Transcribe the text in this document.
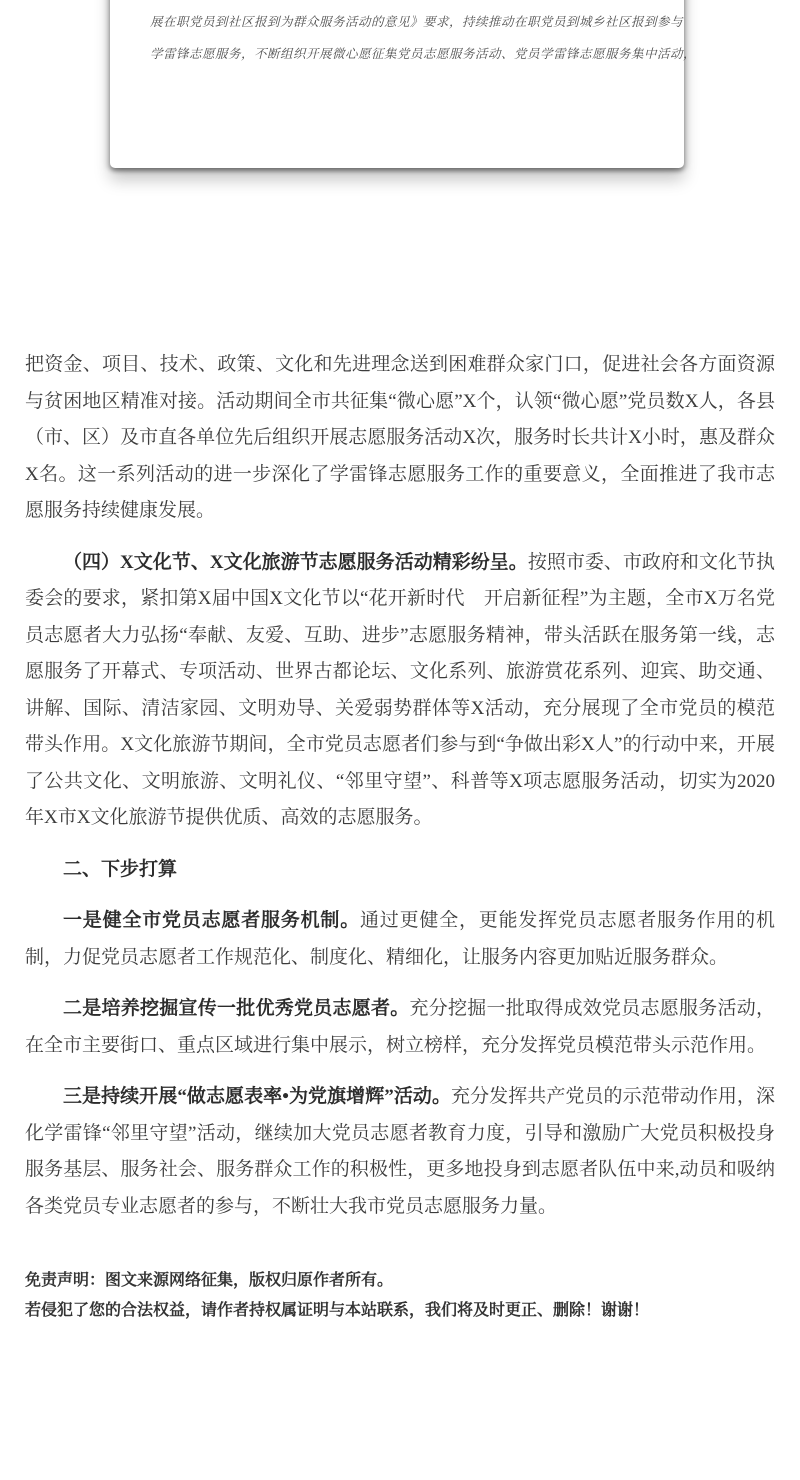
展在职党员到社区报到为群众服务活动的意见》要求，持续推动在职党员到城乡社区报到参与
学雷锋志愿服务，不断组织开展微心愿征集党员志愿服务活动、党员学雷锋志愿服务集中活动，

把资金、项目、技术、政策、文化和先进理念送到困难群众家门口，促进社会各方面资源与贫困地区精准对接。活动期间全市共征集“微心愿”X个，认领“微心愿”党员数X人，各县（市、区）及市直各单位先后组织开展志愿服务活动X次，服务时长共计X小时，惠及群众X名。这一系列活动的进一步深化了学雷锋志愿服务工作的重要意义，全面推进了我市志愿服务持续健康发展。

（四）X文化节、X文化旅游节志愿服务活动精彩纷呈。按照市委、市政府和文化节执委会的要求，紧扣第X届中国X文化节以“花开新时代　开启新征程”为主题，全市X万名党员志愿者大力弘扬“奉献、友爱、互助、进步”志愿服务精神，带头活跃在服务第一线，志愿服务了开幕式、专项活动、世界古都论坛、文化系列、旅游赏花系列、迎宾、助交通、讲解、国际、清洁家园、文明劝导、关爱弱势群体等X活动，充分展现了全市党员的模范带头作用。X文化旅游节期间，全市党员志愿者们参与到“争做出彩X人”的行动中来，开展了公共文化、文明旅游、文明礼仪、“邻里守望”、科普等X项志愿服务活动，切实为2020年X市X文化旅游节提供优质、高效的志愿服务。

二、下步打算

一是健全市党员志愿者服务机制。通过更健全，更能发挥党员志愿者服务作用的机制，力促党员志愿者工作规范化、制度化、精细化，让服务内容更加贴近服务群众。

二是培养挖掘宣传一批优秀党员志愿者。充分挖掘一批取得成效党员志愿服务活动，在全市主要街口、重点区域进行集中展示，树立榜样，充分发挥党员模范带头示范作用。

三是持续开展“做志愿表率•为党旗增辉”活动。充分发挥共产党员的示范带动作用，深化学雷锋“邻里守望”活动，继续加大党员志愿者教育力度，引导和激励广大党员积极投身服务基层、服务社会、服务群众工作的积极性，更多地投身到志愿者队伍中来,动员和吸纳各类党员专业志愿者的参与，不断壮大我市党员志愿服务力量。

免责声明：图文来源网络征集，版权归原作者所有。
若侵犯了您的合法权益，请作者持权属证明与本站联系，我们将及时更正、删除！谢谢！
